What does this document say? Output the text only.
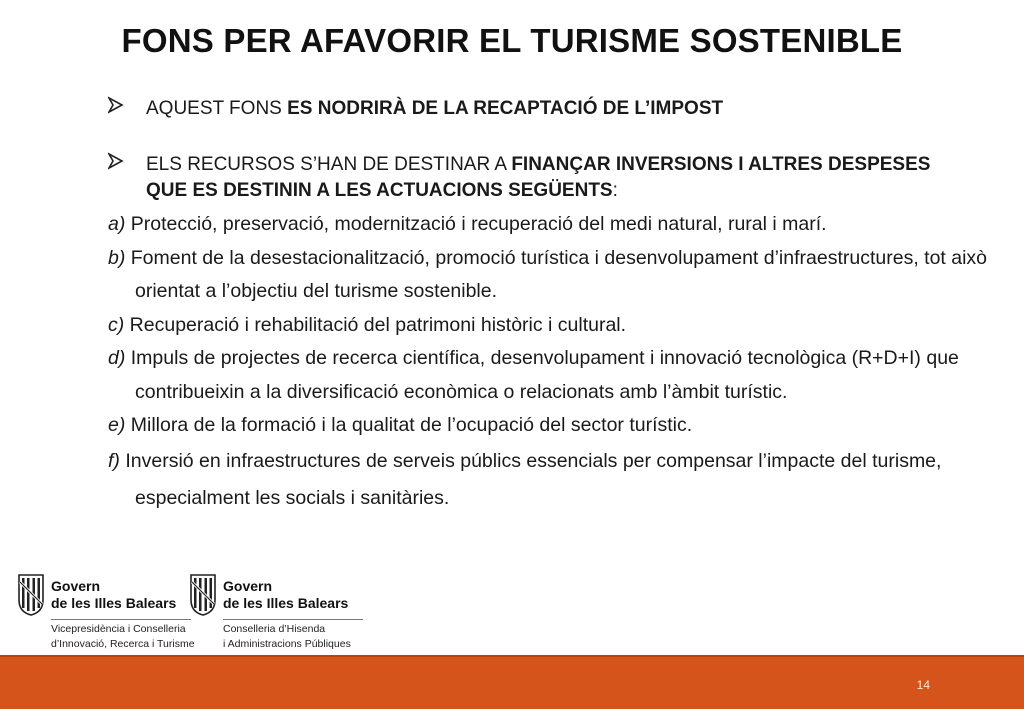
FONS PER AFAVORIR EL TURISME SOSTENIBLE
AQUEST FONS ES NODRIRÀ DE LA RECAPTACIÓ DE L’IMPOST
ELS RECURSOS S’HAN DE DESTINAR A FINANÇAR INVERSIONS I ALTRES DESPESES QUE ES DESTININ A LES ACTUACIONS SEGÜENTS:
a) Protecció, preservació, modernització i recuperació del medi natural, rural i marí.
b) Foment de la desestacionalització, promoció turística i desenvolupament d’infraestructures, tot això orientat a l’objectiu del turisme sostenible.
c) Recuperació i rehabilitació del patrimoni històric i cultural.
d) Impuls de projectes de recerca científica, desenvolupament i innovació tecnològica (R+D+I) que contribueixin a la diversificació econòmica o relacionats amb l’àmbit turístic.
e) Millora de la formació i la qualitat de l’ocupació del sector turístic.
f) Inversió en infraestructures de serveis públics essencials per compensar l’impacte del turisme, especialment les socials i sanitàries.
Govern
de les Illes Balears
Vicepresidència i Conselleria
d’Innovació, Recerca i Turisme
Govern
de les Illes Balears
Conselleria d’Hisenda
i Administracions Públiques
14
